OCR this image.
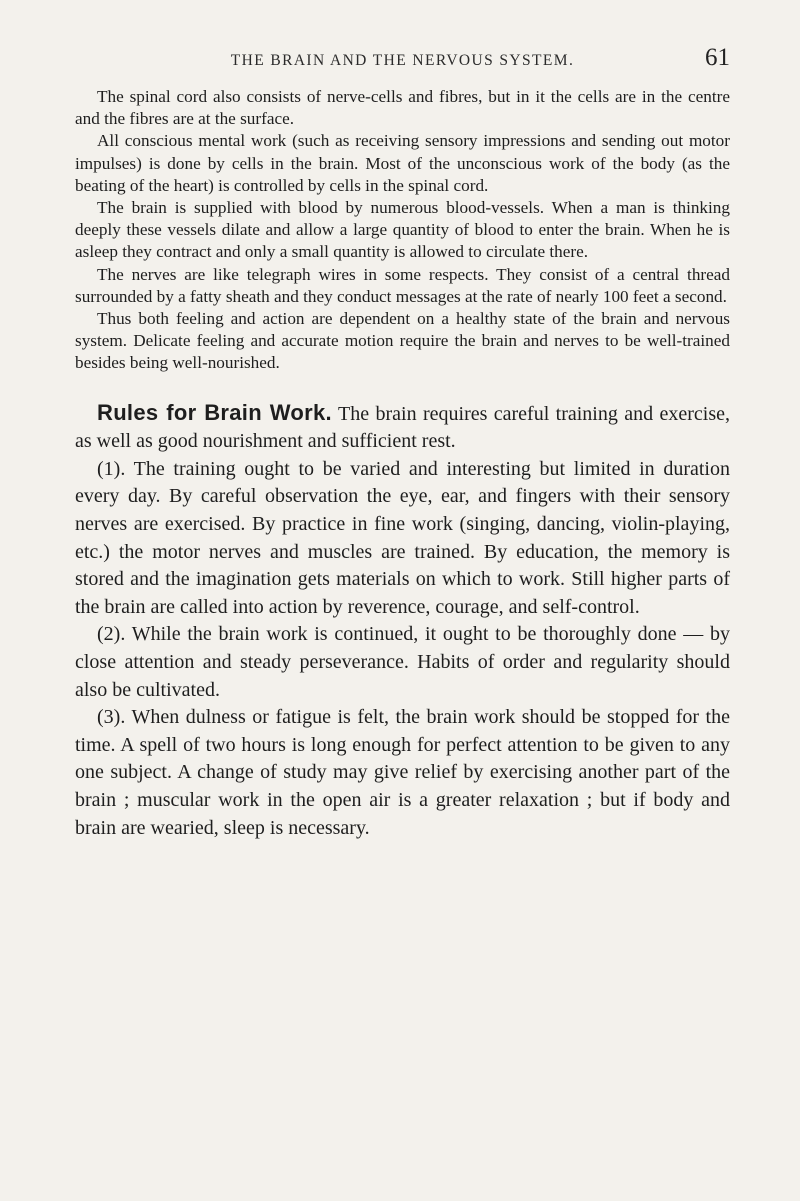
THE BRAIN AND THE NERVOUS SYSTEM.	61

The spinal cord also consists of nerve-cells and fibres, but in it the cells are in the centre and the fibres are at the surface.

All conscious mental work (such as receiving sensory impressions and sending out motor impulses) is done by cells in the brain. Most of the unconscious work of the body (as the beating of the heart) is controlled by cells in the spinal cord.

The brain is supplied with blood by numerous blood-vessels. When a man is thinking deeply these vessels dilate and allow a large quantity of blood to enter the brain. When he is asleep they contract and only a small quantity is allowed to circulate there.

The nerves are like telegraph wires in some respects. They consist of a central thread surrounded by a fatty sheath and they conduct messages at the rate of nearly 100 feet a second.

Thus both feeling and action are dependent on a healthy state of the brain and nervous system. Delicate feeling and accurate motion require the brain and nerves to be well-trained besides being well-nourished.

Rules for Brain Work. The brain requires careful training and exercise, as well as good nourishment and sufficient rest.

(1). The training ought to be varied and interesting but limited in duration every day. By careful observation the eye, ear, and fingers with their sensory nerves are exercised. By practice in fine work (singing, dancing, violin-playing, etc.) the motor nerves and muscles are trained. By education, the memory is stored and the imagination gets materials on which to work. Still higher parts of the brain are called into action by reverence, courage, and self-control.

(2). While the brain work is continued, it ought to be thoroughly done — by close attention and steady perseverance. Habits of order and regularity should also be cultivated.

(3). When dulness or fatigue is felt, the brain work should be stopped for the time. A spell of two hours is long enough for perfect attention to be given to any one subject. A change of study may give relief by exercising another part of the brain ; muscular work in the open air is a greater relaxation ; but if body and brain are wearied, sleep is necessary.
